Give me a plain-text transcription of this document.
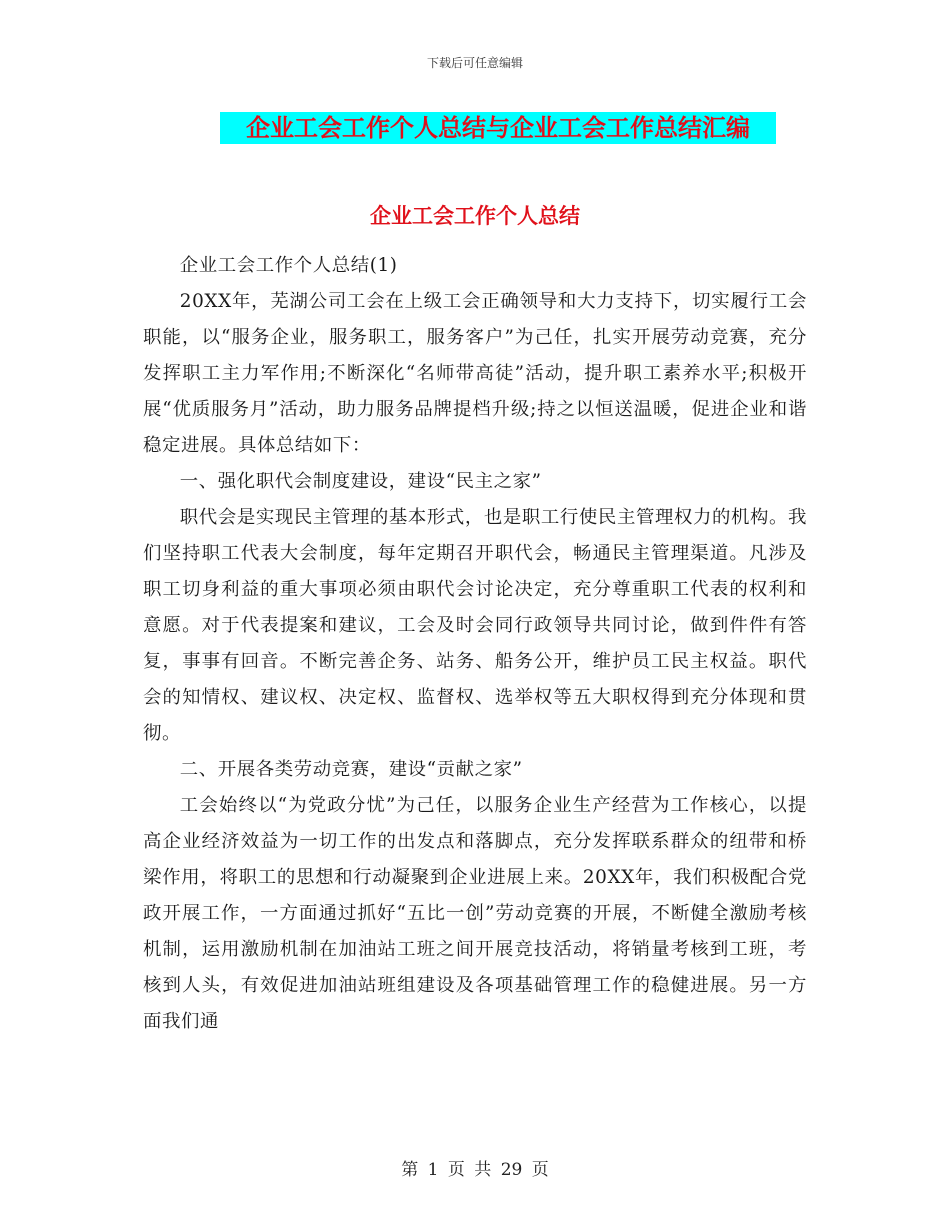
下载后可任意编辑
企业工会工作个人总结与企业工会工作总结汇编
企业工会工作个人总结

企业工会工作个人总结(1)

20XX年，芜湖公司工会在上级工会正确领导和大力支持下，切实履行工会职能，以“服务企业，服务职工，服务客户”为己任，扎实开展劳动竞赛，充分发挥职工主力军作用;不断深化“名师带高徒”活动，提升职工素养水平;积极开展“优质服务月”活动，助力服务品牌提档升级;持之以恒送温暖，促进企业和谐稳定进展。具体总结如下：

一、强化职代会制度建设，建设“民主之家”

职代会是实现民主管理的基本形式，也是职工行使民主管理权力的机构。我们坚持职工代表大会制度，每年定期召开职代会，畅通民主管理渠道。凡涉及职工切身利益的重大事项必须由职代会讨论决定，充分尊重职工代表的权利和意愿。对于代表提案和建议，工会及时会同行政领导共同讨论，做到件件有答复，事事有回音。不断完善企务、站务、船务公开，维护员工民主权益。职代会的知情权、建议权、决定权、监督权、选举权等五大职权得到充分体现和贯彻。

二、开展各类劳动竞赛，建设“贡献之家”

工会始终以“为党政分忧”为己任，以服务企业生产经营为工作核心，以提高企业经济效益为一切工作的出发点和落脚点，充分发挥联系群众的纽带和桥梁作用，将职工的思想和行动凝聚到企业进展上来。20XX年，我们积极配合党政开展工作，一方面通过抓好“五比一创”劳动竞赛的开展，不断健全激励考核机制，运用激励机制在加油站工班之间开展竞技活动，将销量考核到工班，考核到人头，有效促进加油站班组建设及各项基础管理工作的稳健进展。另一方面我们通

第 1 页 共 29 页
